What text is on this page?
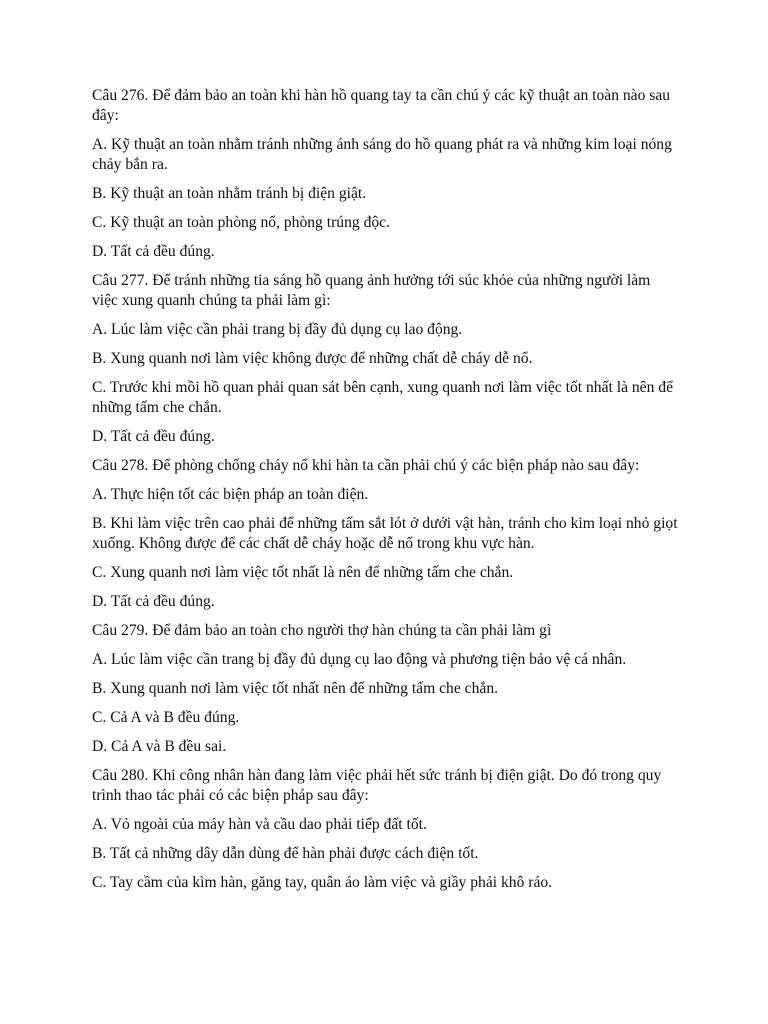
Câu 276. Để đảm bảo an toàn khi hàn hồ quang tay ta cần chú ý các kỹ thuật an toàn nào sau đây:

A. Kỹ thuật an toàn nhằm tránh những ánh sáng do hồ quang phát ra và những kim loại nóng chảy bắn ra.

B. Kỹ thuật an toàn nhằm tránh bị điện giật.

C. Kỹ thuật an toàn phòng nổ, phòng trúng độc.

D. Tất cả đều đúng.

Câu 277. Để tránh những tia sáng hồ quang ảnh hưởng tới súc khỏe của những người làm việc xung quanh chúng ta phải làm gì:

A. Lúc làm việc cần phải trang bị đầy đủ dụng cụ lao động.

B. Xung quanh nơi làm việc không được để những chất dễ cháy dễ nổ.

C. Trước khi mồi hồ quan phải quan sát bên cạnh, xung quanh nơi làm việc tốt nhất là nên để những tấm che chắn.

D. Tất cả đều đúng.

Câu 278. Để phòng chống cháy nổ khi hàn ta cần phải chú ý các biện pháp nào sau đây:

A. Thực hiện tốt các biện pháp an toàn điện.

B. Khi làm việc trên cao phải để những tấm sắt lót ở dưới vật hàn, tránh cho kim loại nhỏ giọt xuống. Không được để các chất dễ cháy hoặc dễ nổ trong khu vực hàn.

C. Xung quanh nơi làm việc tốt nhất là nên để những tấm che chắn.

D. Tất cả đều đúng.

Câu 279. Để đảm bảo an toàn cho người thợ hàn chúng ta cần phải làm gì

A. Lúc làm việc cần trang bị đầy đủ dụng cụ lao động và phương tiện bảo vệ cá nhân.

B. Xung quanh nơi làm việc tốt nhất nên để những tấm che chắn.

C. Cả A và B đều đúng.

D. Cả A và B đều sai.

Câu 280. Khi công nhân hàn đang làm việc phải hết sức tránh bị điện giật. Do đó trong quy trình thao tác phải có các biện pháp sau đây:

A. Vỏ ngoài của máy hàn và cầu dao phải tiếp đất tốt.

B. Tất cả những dây dẫn dùng để hàn phải được cách điện tốt.

C. Tay cầm của kìm hàn, găng tay, quân áo làm việc và giầy phải khô ráo.
